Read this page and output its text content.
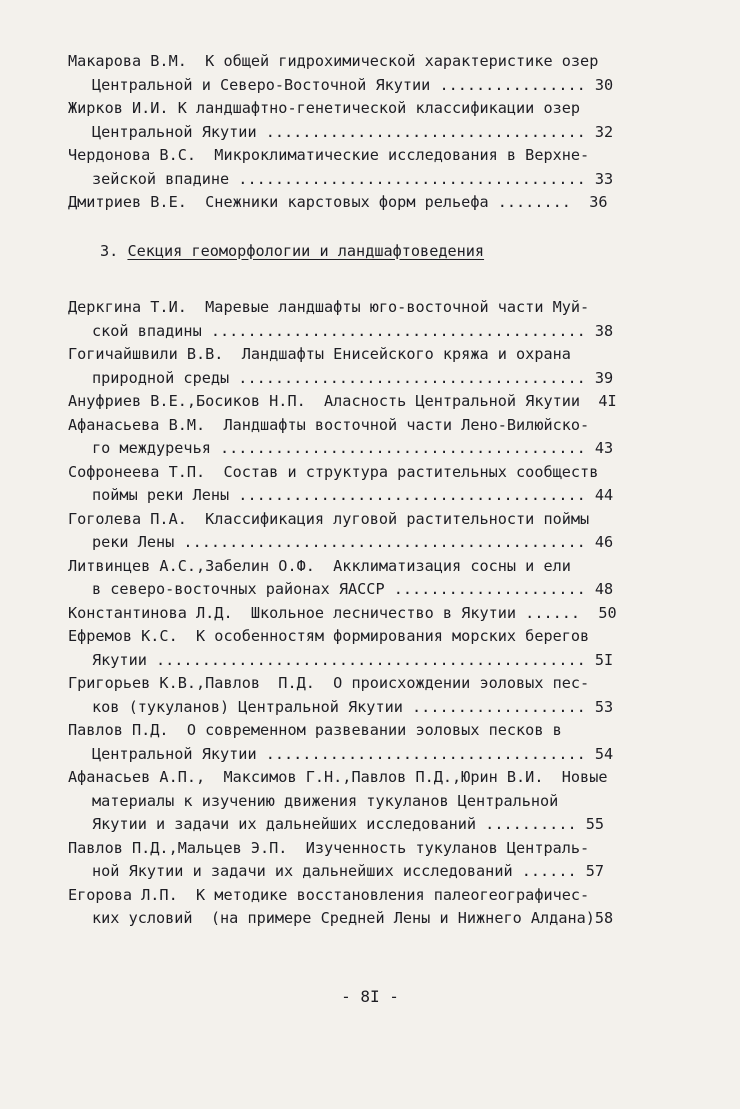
Макарова В.М.  К общей гидрохимической характеристике озер
Центральной и Северо-Восточной Якутии ................ 30
Жирков И.И. К ландшафтно-генетической классификации озер
Центральной Якутии ................................... 32
Чердонова В.С.  Микроклиматические исследования в Верхне-
зейской впадине ...................................... 33
Дмитриев В.Е.  Снежники карстовых форм рельефа ........  36
3. Секция геоморфологии и ландшафтоведения
Деркгина Т.И.  Маревые ландшафты юго-восточной части Муй-
ской впадины ......................................... 38
Гогичайшвили В.В.  Ландшафты Енисейского кряжа и охрана
природной среды ...................................... 39
Ануфриев В.Е.,Босиков Н.П.  Аласность Центральной Якутии  4I
Афанасьева В.М.  Ландшафты восточной части Лено-Вилюйско-
го междуречья ........................................ 43
Софронеева Т.П.  Состав и структура растительных сообществ
поймы реки Лены ...................................... 44
Гоголева П.А.  Классификация луговой растительности поймы
реки Лены ............................................ 46
Литвинцев А.С.,Забелин О.Ф.  Акклиматизация сосны и ели
в северо-восточных районах ЯАССР ..................... 48
Константинова Л.Д.  Школьное лесничество в Якутии ......  50
Ефремов К.С.  К особенностям формирования морских берегов
Якутии ............................................... 5I
Григорьев К.В.,Павлов  П.Д.  О происхождении эоловых пес-
ков (тукуланов) Центральной Якутии ................... 53
Павлов П.Д.  О современном развевании эоловых песков в
Центральной Якутии ................................... 54
Афанасьев А.П.,  Максимов Г.Н.,Павлов П.Д.,Юрин В.И.  Новые
материалы к изучению движения тукуланов Центральной
Якутии и задачи их дальнейших исследований .......... 55
Павлов П.Д.,Мальцев Э.П.  Изученность тукуланов Централь-
ной Якутии и задачи их дальнейших исследований ...... 57
Егорова Л.П.  К методике восстановления палеогеографичес-
ких условий  (на примере Средней Лены и Нижнего Алдана)58
- 8I -
